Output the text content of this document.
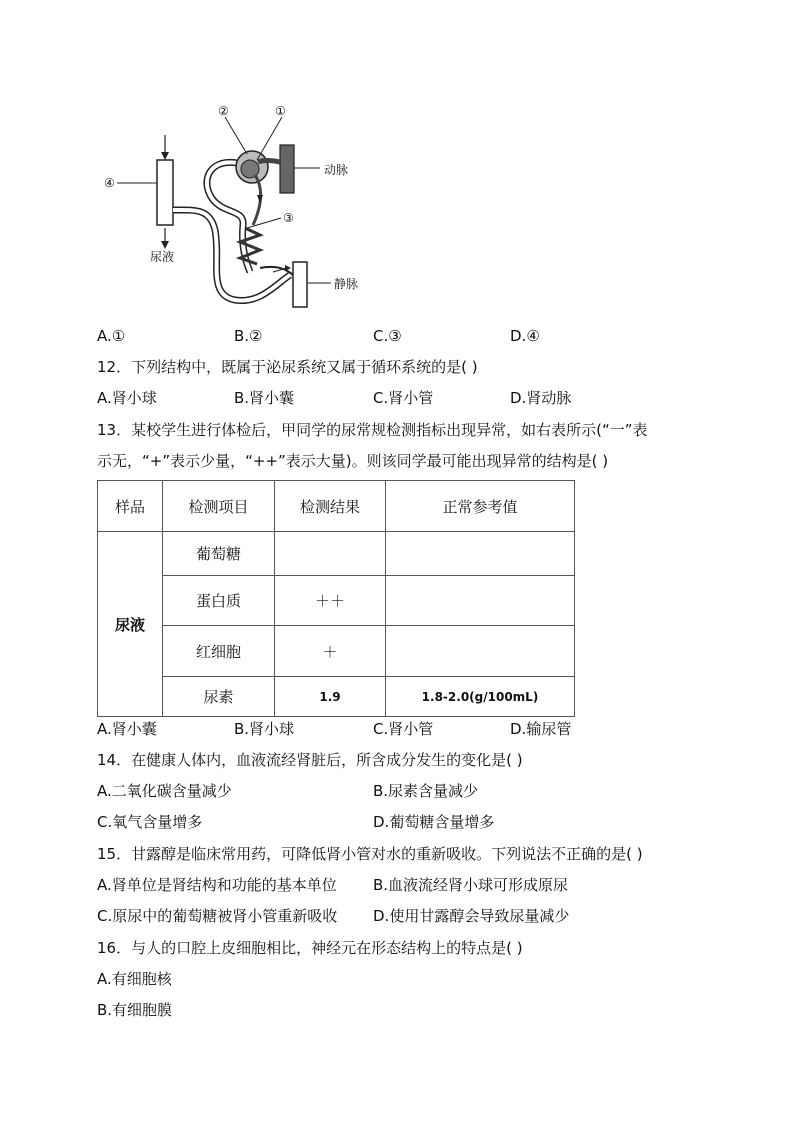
②	①
④
③
动脉
尿液
静脉
A.①	B.②	C.③	D.④
12．下列结构中，既属于泌尿系统又属于循环系统的是( )
A.肾小球	B.肾小囊	C.肾小管	D.肾动脉
13．某校学生进行体检后，甲同学的尿常规检测指标出现异常，如右表所示(“一”表
示无，“+”表示少量，“++”表示大量)。则该同学最可能出现异常的结构是( )
样品	检测项目	检测结果	正常参考值
尿液	葡萄糖		
	蛋白质	＋＋	
	红细胞	＋	
	尿素	1.9	1.8-2.0(g/100mL)
A.肾小囊	B.肾小球	C.肾小管	D.输尿管
14．在健康人体内，血液流经肾脏后，所含成分发生的变化是( )
A.二氧化碳含量减少	B.尿素含量减少
C.氧气含量增多	D.葡萄糖含量增多
15．甘露醇是临床常用药，可降低肾小管对水的重新吸收。下列说法不正确的是( )
A.肾单位是肾结构和功能的基本单位 B.血液流经肾小球可形成原尿
C.原尿中的葡萄糖被肾小管重新吸收 D.使用甘露醇会导致尿量减少
16．与人的口腔上皮细胞相比，神经元在形态结构上的特点是( )
A.有细胞核
B.有细胞膜
